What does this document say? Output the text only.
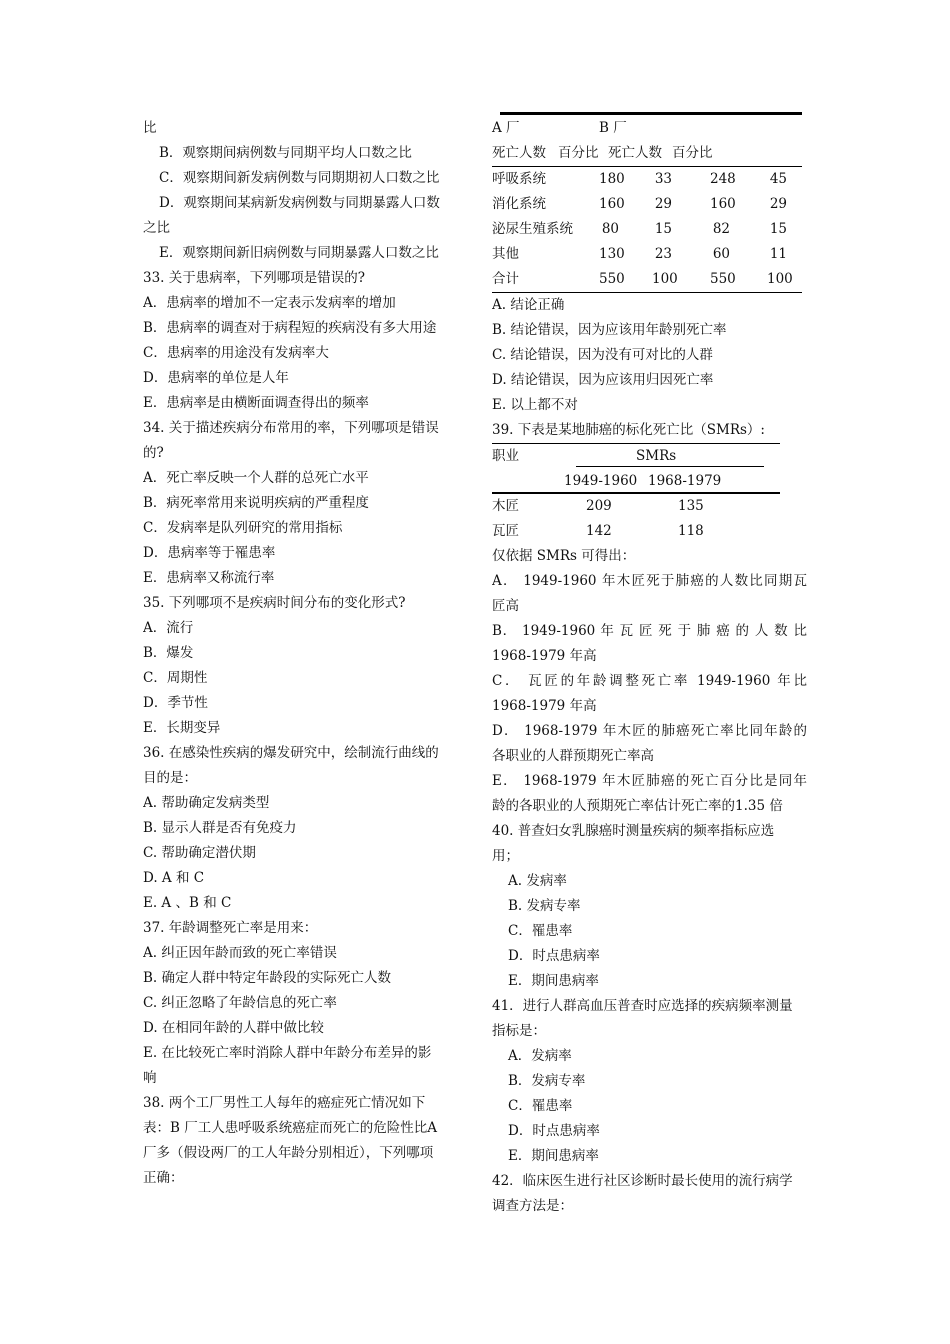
比
B．观察期间病例数与同期平均人口数之比
C．观察期间新发病例数与同期期初人口数之比
D．观察期间某病新发病例数与同期暴露人口数
之比
E．观察期间新旧病例数与同期暴露人口数之比
33. 关于患病率，下列哪项是错误的?
A．患病率的增加不一定表示发病率的增加
B．患病率的调查对于病程短的疾病没有多大用途
C．患病率的用途没有发病率大
D．患病率的单位是人年
E．患病率是由横断面调查得出的频率
34. 关于描述疾病分布常用的率，下列哪项是错误
的?
A．死亡率反映一个人群的总死亡水平
B．病死率常用来说明疾病的严重程度
C．发病率是队列研究的常用指标
D．患病率等于罹患率
E．患病率又称流行率
35. 下列哪项不是疾病时间分布的变化形式?
A．流行
B．爆发
C．周期性
D．季节性
E．长期变异
36. 在感染性疾病的爆发研究中，绘制流行曲线的
目的是：
A. 帮助确定发病类型
B. 显示人群是否有免疫力
C. 帮助确定潜伏期
D. A 和 C
E. A 、B 和 C
37. 年龄调整死亡率是用来：
A. 纠正因年龄而致的死亡率错误
B. 确定人群中特定年龄段的实际死亡人数
C. 纠正忽略了年龄信息的死亡率
D. 在相同年龄的人群中做比较
E. 在比较死亡率时消除人群中年龄分布差异的影
响
38. 两个工厂男性工人每年的癌症死亡情况如下
表：B 厂工人患呼吸系统癌症而死亡的危险性比A
厂多（假设两厂的工人年龄分别相近），下列哪项
正确：
A 厂	B 厂
死亡人数 百分比 死亡人数 百分比
呼吸系统	180 33	248	45
消化系统	160 29	160	29
泌尿生殖系统 80	15	82	15
其他	130 23	60	11
合计	550 100 550 100
A. 结论正确
B. 结论错误，因为应该用年龄别死亡率
C. 结论错误，因为没有可对比的人群
D. 结论错误，因为应该用归因死亡率
E. 以上都不对
39. 下表是某地肺癌的标化死亡比（SMRs）:
职业	SMRs
1949-1960 1968-1979
木匠	209	135
瓦匠	142	118
仅依据 SMRs 可得出：
A． 1949-1960 年木匠死于肺癌的人数比同期瓦
匠高
B． 1949-1960 年 瓦 匠 死 于 肺 癌 的 人 数 比
1968-1979 年高
C． 瓦匠的年龄调整死亡率 1949-1960 年比
1968-1979 年高
D． 1968-1979 年木匠的肺癌死亡率比同年龄的
各职业的人群预期死亡率高
E． 1968-1979 年木匠肺癌的死亡百分比是同年
龄的各职业的人预期死亡率估计死亡率的1.35 倍
40. 普查妇女乳腺癌时测量疾病的频率指标应选
用；
A. 发病率
B. 发病专率
C．罹患率
D．时点患病率
E．期间患病率
41．进行人群高血压普查时应选择的疾病频率测量
指标是：
A．发病率
B．发病专率
C．罹患率
D．时点患病率
E．期间患病率
42．临床医生进行社区诊断时最长使用的流行病学
调查方法是：
